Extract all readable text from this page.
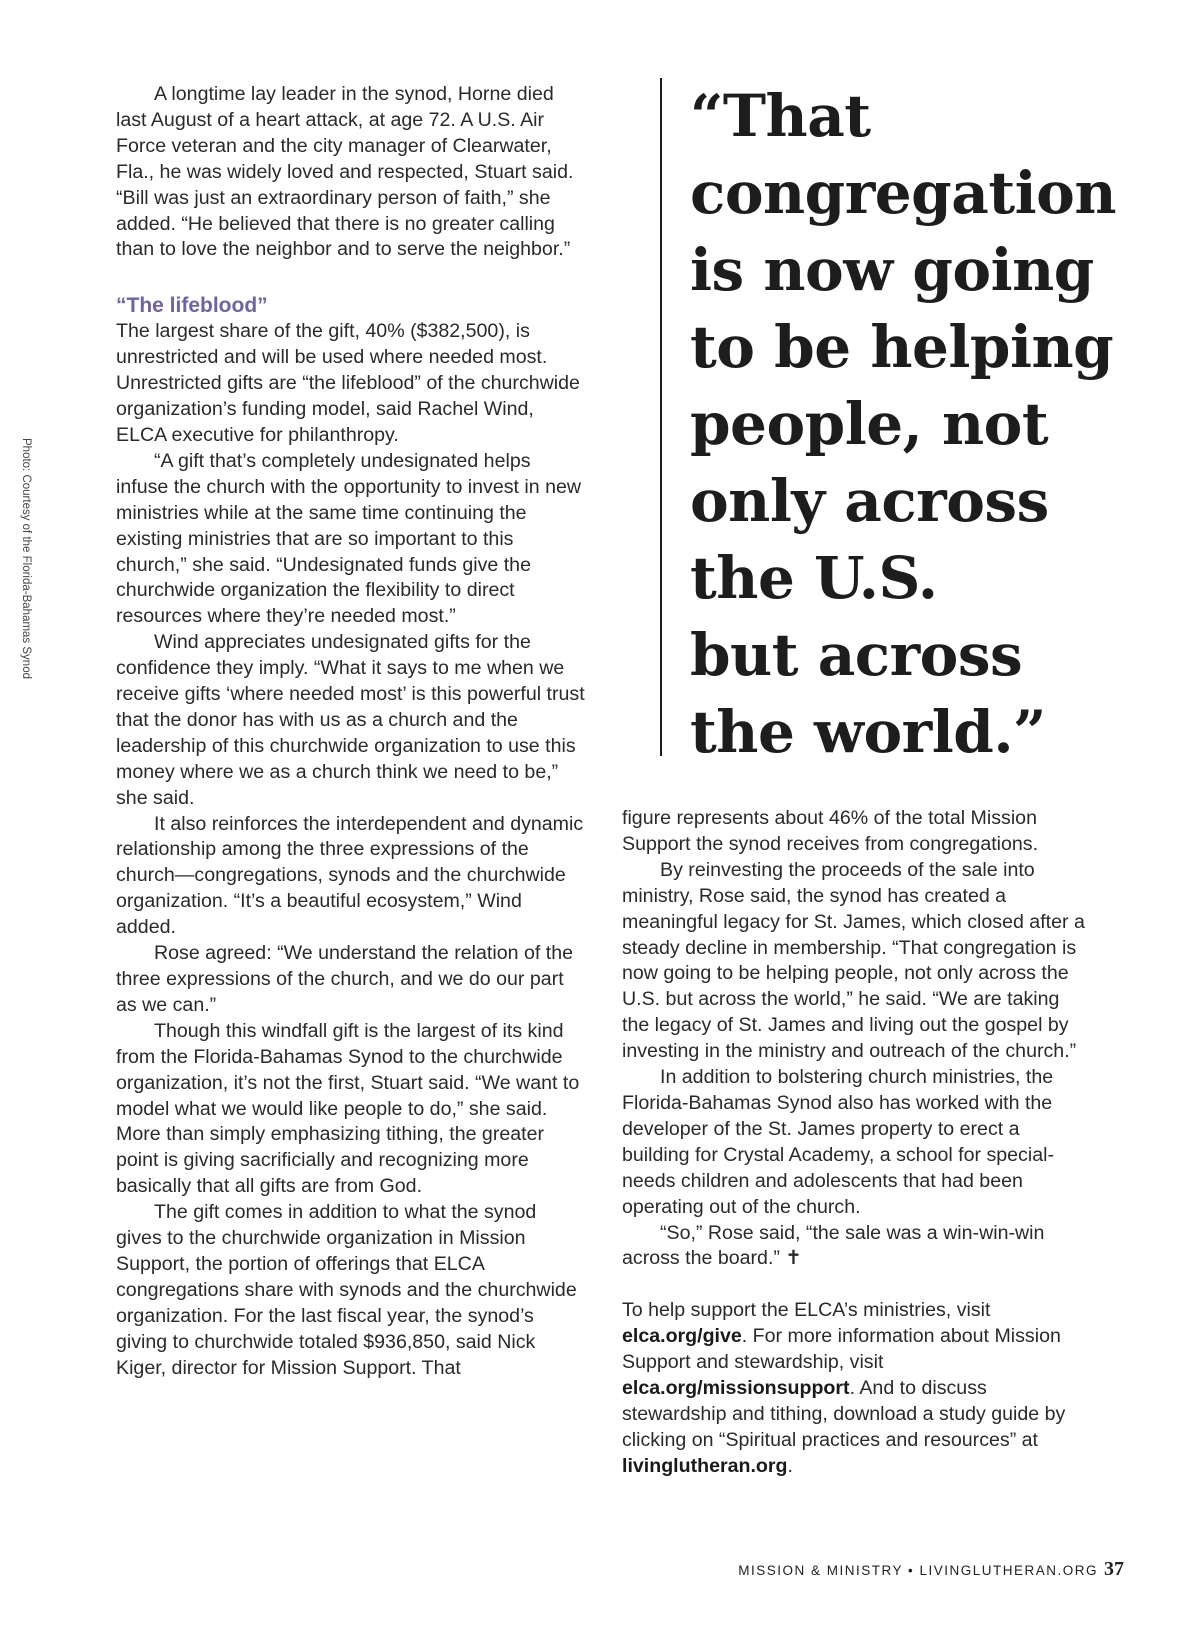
Photo: Courtesy of the Florida-Bahamas Synod

A longtime lay leader in the synod, Horne died last August of a heart attack, at age 72. A U.S. Air Force veteran and the city manager of Clearwater, Fla., he was widely loved and respected, Stuart said. “Bill was just an extraordinary person of faith,” she added. “He believed that there is no greater calling than to love the neighbor and to serve the neighbor.”

“The lifeblood”

The largest share of the gift, 40% ($382,500), is unrestricted and will be used where needed most. Unrestricted gifts are “the lifeblood” of the churchwide organization’s funding model, said Rachel Wind, ELCA executive for philanthropy.

“A gift that’s completely undesignated helps infuse the church with the opportunity to invest in new ministries while at the same time continuing the existing ministries that are so important to this church,” she said. “Undesignated funds give the churchwide organization the flexibility to direct resources where they’re needed most.”

Wind appreciates undesignated gifts for the confidence they imply. “What it says to me when we receive gifts ‘where needed most’ is this powerful trust that the donor has with us as a church and the leadership of this churchwide organization to use this money where we as a church think we need to be,” she said.

It also reinforces the interdependent and dynamic relationship among the three expressions of the church—congregations, synods and the churchwide organization. “It’s a beautiful ecosystem,” Wind added.

Rose agreed: “We understand the relation of the three expressions of the church, and we do our part as we can.”

Though this windfall gift is the largest of its kind from the Florida-Bahamas Synod to the churchwide organization, it’s not the first, Stuart said. “We want to model what we would like people to do,” she said. More than simply emphasizing tithing, the greater point is giving sacrificially and recognizing more basically that all gifts are from God.

The gift comes in addition to what the synod gives to the churchwide organization in Mission Support, the portion of offerings that ELCA congregations share with synods and the churchwide organization. For the last fiscal year, the synod’s giving to churchwide totaled $936,850, said Nick Kiger, director for Mission Support. That

“That
congregation
is now going
to be helping
people, not
only across
the U.S.
but across
the world.”

figure represents about 46% of the total Mission Support the synod receives from congregations.

By reinvesting the proceeds of the sale into ministry, Rose said, the synod has created a meaningful legacy for St. James, which closed after a steady decline in membership. “That congregation is now going to be helping people, not only across the U.S. but across the world,” he said. “We are taking the legacy of St. James and living out the gospel by investing in the ministry and outreach of the church.”

In addition to bolstering church ministries, the Florida-Bahamas Synod also has worked with the developer of the St. James property to erect a building for Crystal Academy, a school for special-needs children and adolescents that had been operating out of the church.

“So,” Rose said, “the sale was a win-win-win across the board.” ✝

To help support the ELCA’s ministries, visit elca.org/give. For more information about Mission Support and stewardship, visit elca.org/missionsupport. And to discuss stewardship and tithing, download a study guide by clicking on “Spiritual practices and resources” at livinglutheran.org.

MISSION & MINISTRY • LIVINGLUTHERAN.ORG 37
